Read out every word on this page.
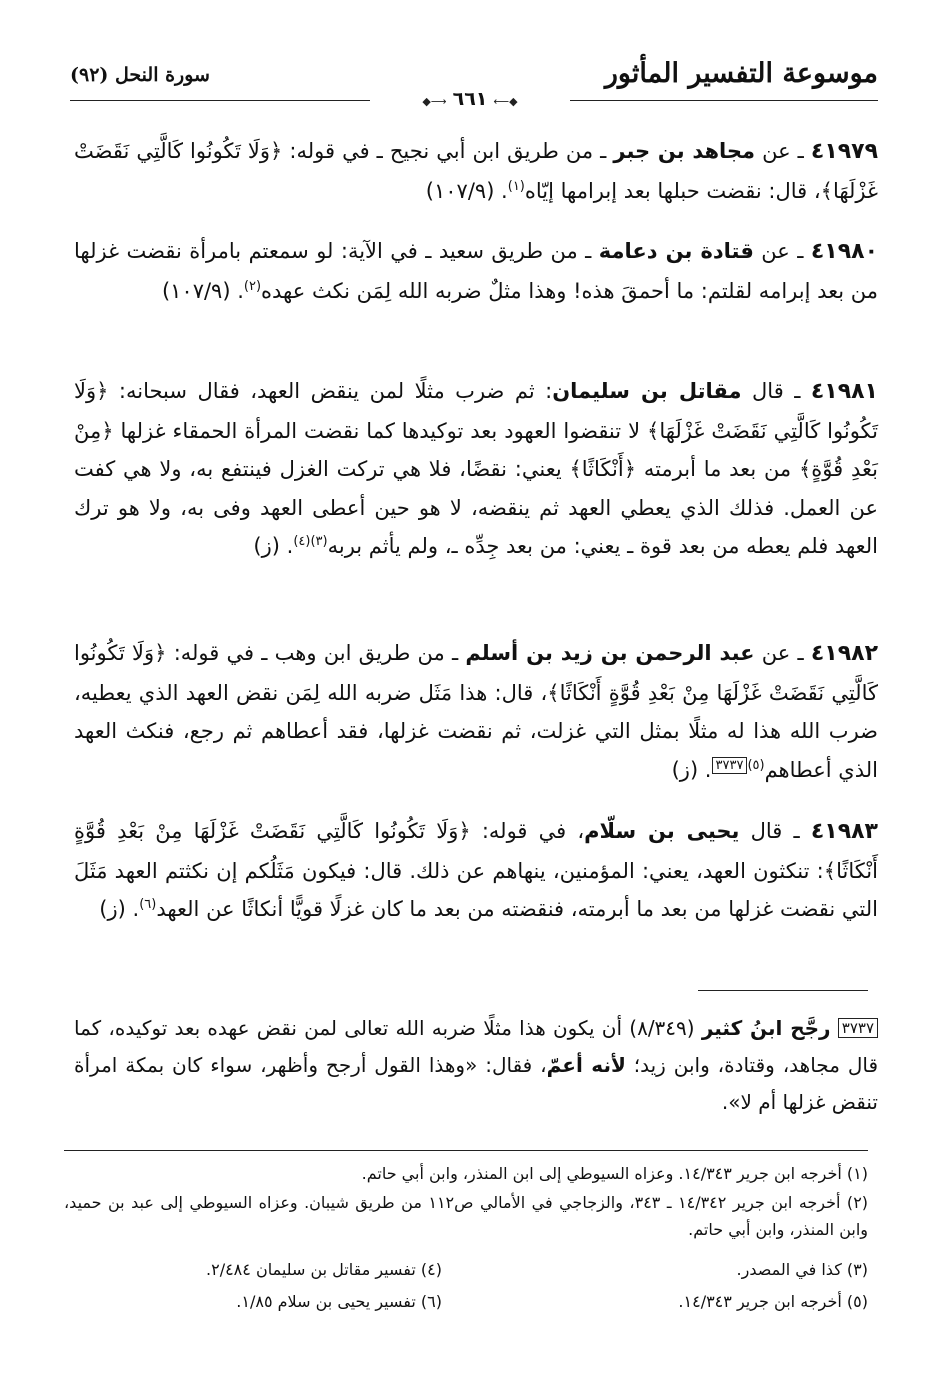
موسوعة التفسير المأثور
سورة النحل (٩٢)
◆⟵٦٦١⟶◆

٤١٩٧٩ ـ عن مجاهد بن جبر ـ من طريق ابن أبي نجيح ـ في قوله: ﴿وَلَا تَكُونُوا كَالَّتِي نَقَضَتْ غَزْلَهَا﴾، قال: نقضت حبلها بعد إبرامها إيّاه$^{(١)}$. (١٠٧/٩)

٤١٩٨٠ ـ عن قتادة بن دعامة ـ من طريق سعيد ـ في الآية: لو سمعتم بامرأة نقضت غزلها من بعد إبرامه لقلتم: ما أحمقَ هذه! وهذا مثلٌ ضربه الله لِمَن نكث عهده$^{(٢)}$. (١٠٧/٩)

٤١٩٨١ ـ قال مقاتل بن سليمان: ثم ضرب مثلًا لمن ينقض العهد، فقال سبحانه: ﴿وَلَا تَكُونُوا كَالَّتِي نَقَضَتْ غَزْلَهَا﴾ لا تنقضوا العهود بعد توكيدها كما نقضت المرأة الحمقاء غزلها ﴿مِنْ بَعْدِ قُوَّةٍ﴾ من بعد ما أبرمته ﴿أَنْكَاثًا﴾ يعني: نقضًا، فلا هي تركت الغزل فينتفع به، ولا هي كفت عن العمل. فذلك الذي يعطي العهد ثم ينقضه، لا هو حين أعطى العهد وفى به، ولا هو ترك العهد فلم يعطه من بعد قوة ـ يعني: من بعد جِدِّه ـ، ولم يأثم بربه$^{(٣)(٤)}$. (ز)

٤١٩٨٢ ـ عن عبد الرحمن بن زيد بن أسلم ـ من طريق ابن وهب ـ في قوله: ﴿وَلَا تَكُونُوا كَالَّتِي نَقَضَتْ غَزْلَهَا مِنْ بَعْدِ قُوَّةٍ أَنْكَاثًا﴾، قال: هذا مَثَل ضربه الله لِمَن نقض العهد الذي يعطيه، ضرب الله هذا له مثلًا بمثل التي غزلت، ثم نقضت غزلها، فقد أعطاهم ثم رجع، فنكث العهد الذي أعطاهم$^{(٥)٣٧٣٧}$. (ز)

٤١٩٨٣ ـ قال يحيى بن سلّام، في قوله: ﴿وَلَا تَكُونُوا كَالَّتِي نَقَضَتْ غَزْلَهَا مِنْ بَعْدِ قُوَّةٍ أَنْكَاثًا﴾: تنكثون العهد، يعني: المؤمنين، ينهاهم عن ذلك. قال: فيكون مَثَلُكم إن نكثتم العهد مَثَلَ التي نقضت غزلها من بعد ما أبرمته، فنقضته من بعد ما كان غزلًا قويًّا أنكاثًا عن العهد$^{(٦)}$. (ز)

٣٧٣٧ رجَّح ابنُ كثير (٨/٣٤٩) أن يكون هذا مثلًا ضربه الله تعالى لمن نقض عهده بعد توكيده، كما قال مجاهد، وقتادة، وابن زيد؛ لأنه أعمّ، فقال: «وهذا القول أرجح وأظهر، سواء كان بمكة امرأة تنقض غزلها أم لا».

(١) أخرجه ابن جرير ١٤/٣٤٣. وعزاه السيوطي إلى ابن المنذر، وابن أبي حاتم.
(٢) أخرجه ابن جرير ١٤/٣٤٢ ـ ٣٤٣، والزجاجي في الأمالي ص١١٢ من طريق شيبان. وعزاه السيوطي إلى عبد بن حميد، وابن المنذر، وابن أبي حاتم.
(٣) كذا في المصدر.
(٤) تفسير مقاتل بن سليمان ٢/٤٨٤.
(٥) أخرجه ابن جرير ١٤/٣٤٣.
(٦) تفسير يحيى بن سلام ١/٨٥.
